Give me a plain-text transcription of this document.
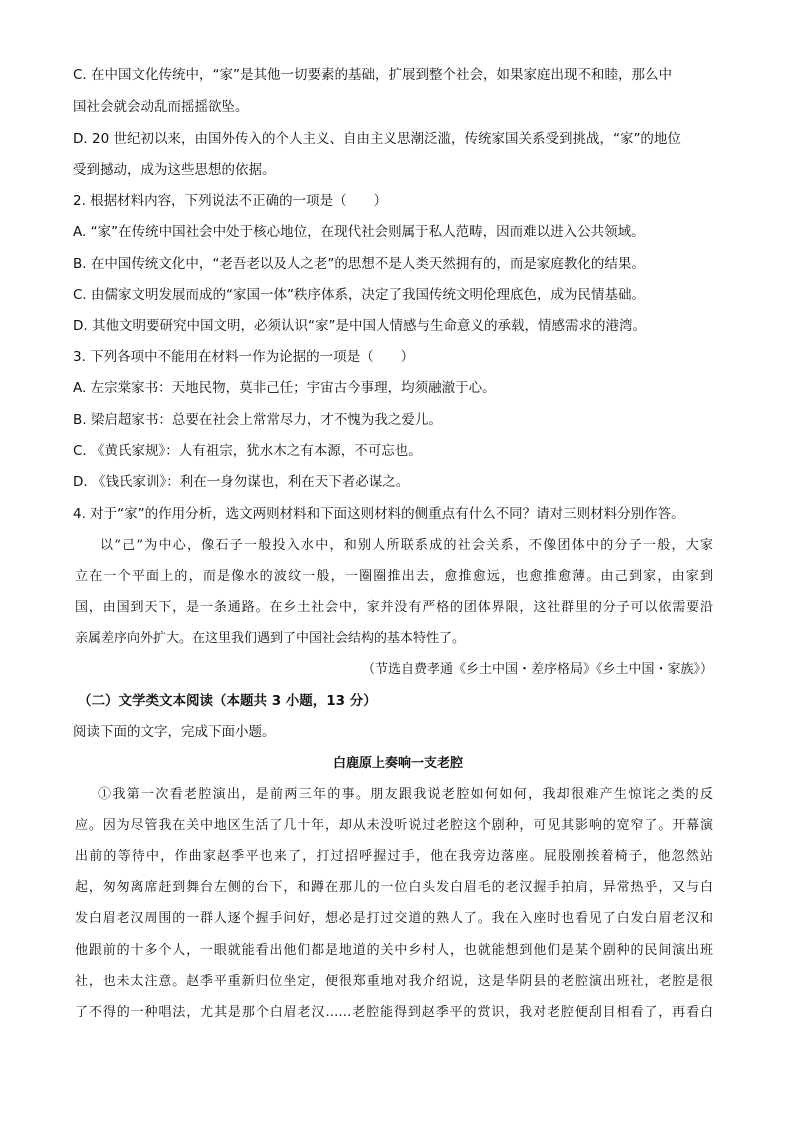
C. 在中国文化传统中，“家”是其他一切要素的基础，扩展到整个社会，如果家庭出现不和睦，那么中

国社会就会动乱而摇摇欲坠。

D. 20 世纪初以来，由国外传入的个人主义、自由主义思潮泛滥，传统家国关系受到挑战，“家”的地位

受到撼动，成为这些思想的依据。

2. 根据材料内容，下列说法不正确的一项是（　　）

A. “家”在传统中国社会中处于核心地位，在现代社会则属于私人范畴，因而难以进入公共领域。

B. 在中国传统文化中，“老吾老以及人之老”的思想不是人类天然拥有的，而是家庭教化的结果。

C. 由儒家文明发展而成的“家国一体”秩序体系，决定了我国传统文明伦理底色，成为民情基础。

D. 其他文明要研究中国文明，必须认识“家”是中国人情感与生命意义的承载，情感需求的港湾。

3. 下列各项中不能用在材料一作为论据的一项是（　　）

A. 左宗棠家书：天地民物，莫非己任；宇宙古今事理，均须融澈于心。

B. 梁启超家书：总要在社会上常常尽力，才不愧为我之爱儿。

C. 《黄氏家规》：人有祖宗，犹水木之有本源，不可忘也。

D. 《钱氏家训》：利在一身勿谋也，利在天下者必谋之。

4. 对于“家”的作用分析，选文两则材料和下面这则材料的侧重点有什么不同？请对三则材料分别作答。

以“己”为中心，像石子一般投入水中，和别人所联系成的社会关系，不像团体中的分子一般，大家

立在一个平面上的，而是像水的波纹一般，一圈圈推出去，愈推愈远，也愈推愈薄。由己到家，由家到

国，由国到天下，是一条通路。在乡土社会中，家并没有严格的团体界限，这社群里的分子可以依需要沿

亲属差序向外扩大。在这里我们遇到了中国社会结构的基本特性了。

（节选自费孝通《乡土中国・差序格局》《乡土中国・家族》）

（二）文学类文本阅读（本题共 3 小题，13 分）

阅读下面的文字，完成下面小题。

白鹿原上奏响一支老腔

①我第一次看老腔演出，是前两三年的事。朋友跟我说老腔如何如何，我却很难产生惊诧之类的反

应。因为尽管我在关中地区生活了几十年，却从未没听说过老腔这个剧种，可见其影响的宽窄了。开幕演

出前的等待中，作曲家赵季平也来了，打过招呼握过手，他在我旁边落座。屁股刚挨着椅子，他忽然站

起，匆匆离席赶到舞台左侧的台下，和蹲在那儿的一位白头发白眉毛的老汉握手拍肩，异常热乎，又与白

发白眉老汉周围的一群人逐个握手问好，想必是打过交道的熟人了。我在入座时也看见了白发白眉老汉和

他跟前的十多个人，一眼就能看出他们都是地道的关中乡村人，也就能想到他们是某个剧种的民间演出班

社，也未太注意。赵季平重新归位坐定，便很郑重地对我介绍说，这是华阴县的老腔演出班社，老腔是很

了不得的一种唱法，尤其是那个白眉老汉……老腔能得到赵季平的赏识，我对老腔便刮目相看了，再看白
